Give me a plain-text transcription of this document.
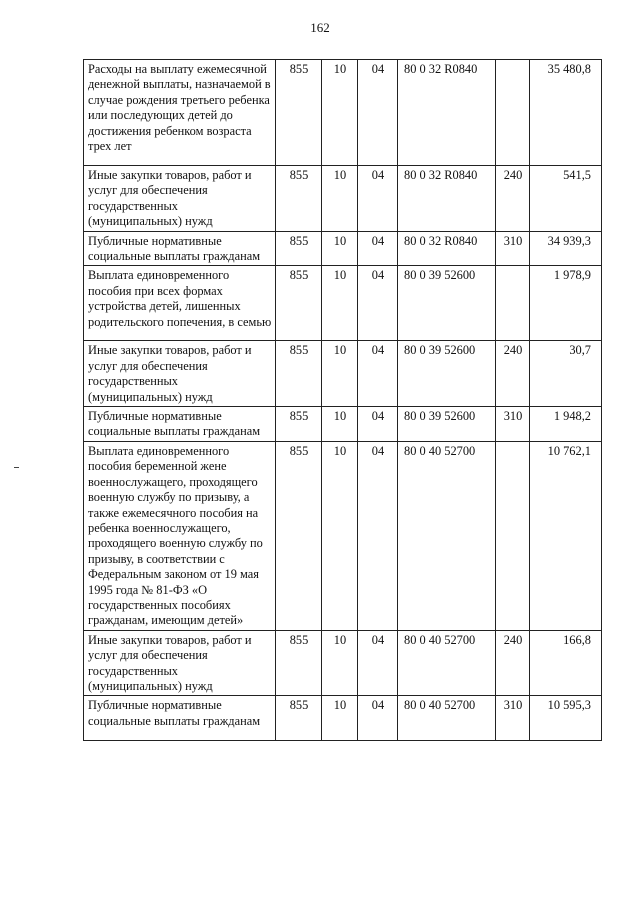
162
Расходы на выплату ежемесячной денежной выплаты, назначаемой в случае рождения третьего ребенка или последующих детей до достижения ребенком возраста трех лет	855	10	04	80 0 32 R0840		35 480,8
Иные закупки товаров, работ и услуг для обеспечения государственных (муниципальных) нужд	855	10	04	80 0 32 R0840	240	541,5
Публичные нормативные социальные выплаты гражданам	855	10	04	80 0 32 R0840	310	34 939,3
Выплата единовременного пособия при всех формах устройства детей, лишенных родительского попечения, в семью	855	10	04	80 0 39 52600		1 978,9
Иные закупки товаров, работ и услуг для обеспечения государственных (муниципальных) нужд	855	10	04	80 0 39 52600	240	30,7
Публичные нормативные социальные выплаты гражданам	855	10	04	80 0 39 52600	310	1 948,2
Выплата единовременного пособия беременной жене военнослужащего, проходящего военную службу по призыву, а также ежемесячного пособия на ребенка военнослужащего, проходящего военную службу по призыву, в соответствии с Федеральным законом от 19 мая 1995 года № 81-ФЗ «О государственных пособиях гражданам, имеющим детей»	855	10	04	80 0 40 52700		10 762,1
Иные закупки товаров, работ и услуг для обеспечения государственных (муниципальных) нужд	855	10	04	80 0 40 52700	240	166,8
Публичные нормативные социальные выплаты гражданам	855	10	04	80 0 40 52700	310	10 595,3
